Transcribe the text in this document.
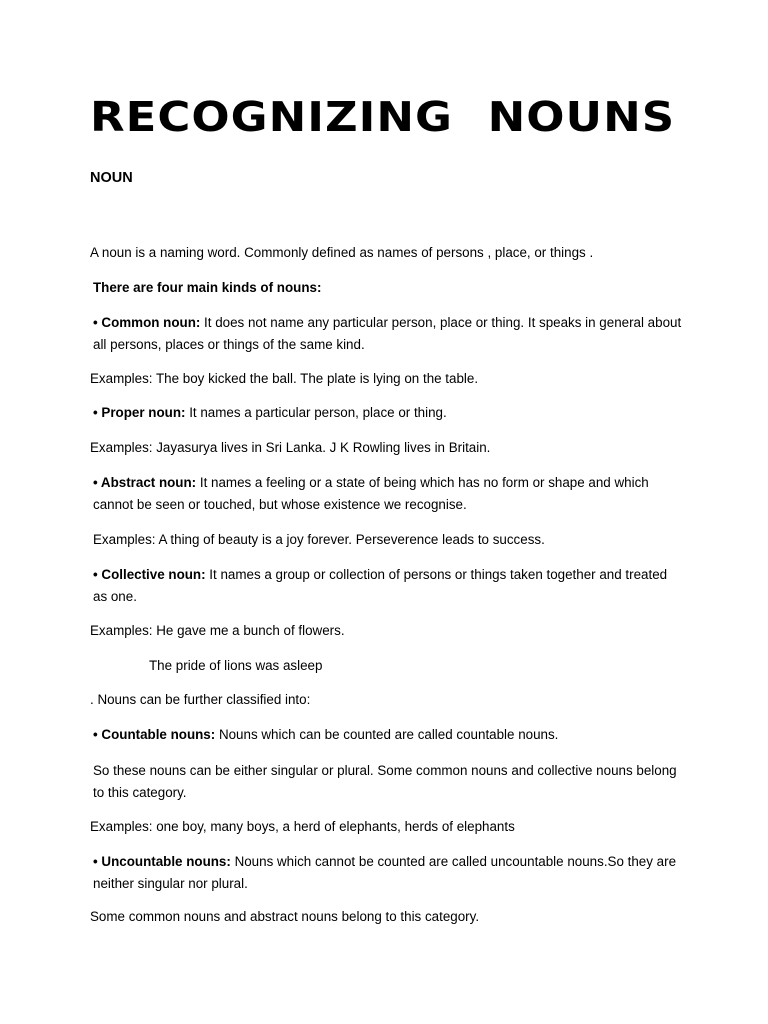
RECOGNIZING NOUNS
NOUN

A noun is a naming word. Commonly defined as names of persons , place, or things .

There are four main kinds of nouns:

• Common noun: It does not name any particular person, place or thing. It speaks in general about all persons, places or things of the same kind.

Examples: The boy kicked the ball. The plate is lying on the table.

• Proper noun: It names a particular person, place or thing.

Examples: Jayasurya lives in Sri Lanka. J K Rowling lives in Britain.

• Abstract noun: It names a feeling or a state of being which has no form or shape and which cannot be seen or touched, but whose existence we recognise.

Examples: A thing of beauty is a joy forever. Perseverence leads to success.

• Collective noun: It names a group or collection of persons or things taken together and treated as one.

Examples: He gave me a bunch of flowers.

The pride of lions was asleep

. Nouns can be further classified into:

• Countable nouns: Nouns which can be counted are called countable nouns.

So these nouns can be either singular or plural. Some common nouns and collective nouns belong to this category.

Examples: one boy, many boys, a herd of elephants, herds of elephants

• Uncountable nouns: Nouns which cannot be counted are called uncountable nouns.So they are neither singular nor plural.

Some common nouns and abstract nouns belong to this category.
